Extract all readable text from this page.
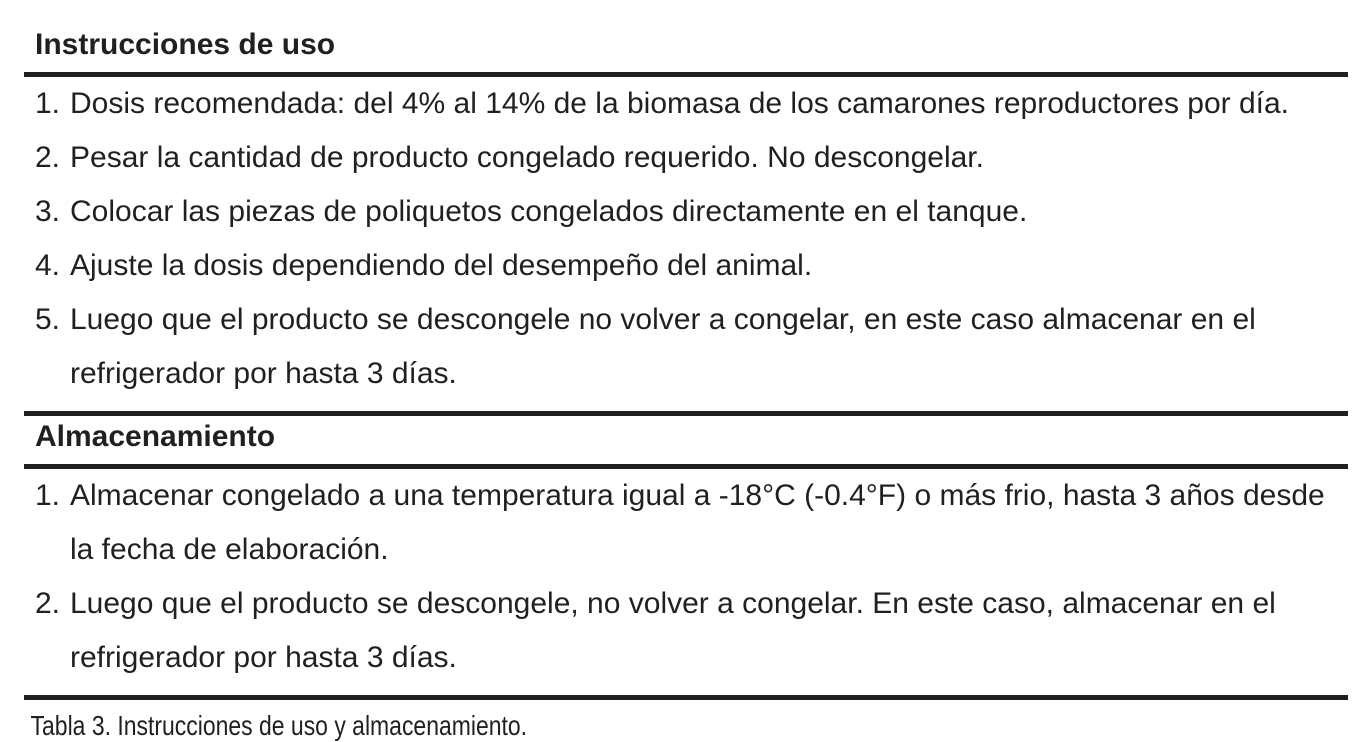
Instrucciones de uso
1. Dosis recomendada: del 4% al 14% de la biomasa de los camarones reproductores por día.
2. Pesar la cantidad de producto congelado requerido. No descongelar.
3. Colocar las piezas de poliquetos congelados directamente en el tanque.
4. Ajuste la dosis dependiendo del desempeño del animal.
5. Luego que el producto se descongele no volver a congelar, en este caso almacenar en el refrigerador por hasta 3 días.
Almacenamiento
1. Almacenar congelado a una temperatura igual a -18°C (-0.4°F) o más frio, hasta 3 años desde la fecha de elaboración.
2. Luego que el producto se descongele, no volver a congelar. En este caso, almacenar en el refrigerador por hasta 3 días.
Tabla 3. Instrucciones de uso y almacenamiento.
